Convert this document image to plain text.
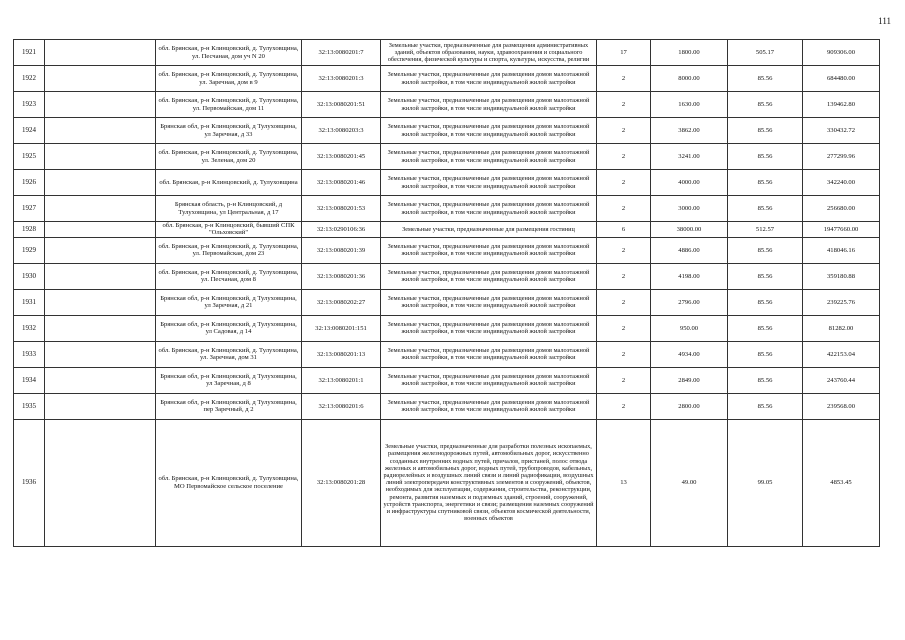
111
1921		обл. Брянская, р-н Клинцовский, д. Тулуховщина, ул. Песчаная, дом уч N 20	32:13:0080201:7	Земельные участки, предназначенные для размещения административных зданий, объектов образования, науки, здравоохранения и социального обеспечения, физической культуры и спорта, культуры, искусства, религии	17	1800.00	505.17	909306.00
1922		обл. Брянская, р-н Клинцовский, д. Тулуховщина, ул. Заречная, дом в 9	32:13:0080201:3	Земельные участки, предназначенные для размещения домов малоэтажной жилой застройки, в том числе индивидуальной жилой застройки	2	8000.00	85.56	684480.00
1923		обл. Брянская, р-н Клинцовский, д. Тулуховщина, ул. Первомайская, дом 11	32:13:0080201:51	Земельные участки, предназначенные для размещения домов малоэтажной жилой застройки, в том числе индивидуальной жилой застройки	2	1630.00	85.56	139462.80
1924		Брянская обл, р-н Клинцовский, д Тулуховщина, ул Заречная, д 33	32:13:0080203:3	Земельные участки, предназначенные для размещения домов малоэтажной жилой застройки, в том числе индивидуальной жилой застройки	2	3862.00	85.56	330432.72
1925		обл. Брянская, р-н Клинцовский, д. Тулуховщина, ул. Зеленая, дом 20	32:13:0080201:45	Земельные участки, предназначенные для размещения домов малоэтажной жилой застройки, в том числе индивидуальной жилой застройки	2	3241.00	85.56	277299.96
1926		обл. Брянская, р-н Клинцовский, д. Тулуховщина	32:13:0080201:46	Земельные участки, предназначенные для размещения домов малоэтажной жилой застройки, в том числе индивидуальной жилой застройки	2	4000.00	85.56	342240.00
1927		Брянская область, р-н Клинцовский, д Тулуховщина, ул Центральная, д 17	32:13:0080201:53	Земельные участки, предназначенные для размещения домов малоэтажной жилой застройки, в том числе индивидуальной жилой застройки	2	3000.00	85.56	256680.00
1928		обл. Брянская, р-н Клинцовский, бывший СПК "Ольховский"	32:13:0290106:36	Земельные участки, предназначенные для размещения гостиниц	6	38000.00	512.57	19477660.00
1929		обл. Брянская, р-н Клинцовский, д. Тулуховщина, ул. Первомайская, дом 23	32:13:0080201:39	Земельные участки, предназначенные для размещения домов малоэтажной жилой застройки, в том числе индивидуальной жилой застройки	2	4886.00	85.56	418046.16
1930		обл. Брянская, р-н Клинцовский, д. Тулуховщина, ул. Песчаная, дом 8	32:13:0080201:36	Земельные участки, предназначенные для размещения домов малоэтажной жилой застройки, в том числе индивидуальной жилой застройки	2	4198.00	85.56	359180.88
1931		Брянская обл, р-н Клинцовский, д Тулуховщина, ул Заречная, д 21	32:13:0080202:27	Земельные участки, предназначенные для размещения домов малоэтажной жилой застройки, в том числе индивидуальной жилой застройки	2	2796.00	85.56	239225.76
1932		Брянская обл, р-н Клинцовский, д Тулуховщина, ул Садовая, д 14	32:13:0080201:151	Земельные участки, предназначенные для размещения домов малоэтажной жилой застройки, в том числе индивидуальной жилой застройки	2	950.00	85.56	81282.00
1933		обл. Брянская, р-н Клинцовский, д. Тулуховщина, ул. Заречная, дом 31	32:13:0080201:13	Земельные участки, предназначенные для размещения домов малоэтажной жилой застройки, в том числе индивидуальной жилой застройки	2	4934.00	85.56	422153.04
1934		Брянская обл, р-н Клинцовский, д Тулуховщина, ул Заречная, д 8	32:13:0080201:1	Земельные участки, предназначенные для размещения домов малоэтажной жилой застройки, в том числе индивидуальной жилой застройки	2	2849.00	85.56	243760.44
1935		Брянская обл, р-н Клинцовский, д Тулуховщина, пер Заречный, д 2	32:13:0080201:6	Земельные участки, предназначенные для размещения домов малоэтажной жилой застройки, в том числе индивидуальной жилой застройки	2	2800.00	85.56	239568.00
1936		обл. Брянская, р-н Клинцовский, д. Тулуховщина, МО Первомайское сельское поселение	32:13:0080201:28	Земельные участки, предназначенные для разработки полезных ископаемых, размещения железнодорожных путей, автомобильных дорог, искусственно созданных внутренних водных путей, причалов, пристаней, полос отвода железных и автомобильных дорог, водных путей, трубопроводов, кабельных, радиорелейных и воздушных линий связи и линий радиофикации, воздушных линий электропередачи конструктивных элементов и сооружений, объектов, необходимых для эксплуатации, содержания, строительства, реконструкции, ремонта, развития наземных и подземных зданий, строений, сооружений, устройств транспорта, энергетики и связи; размещения наземных сооружений и инфраструктуры спутниковой связи, объектов космической деятельности, военных объектов	13	49.00	99.05	4853.45
